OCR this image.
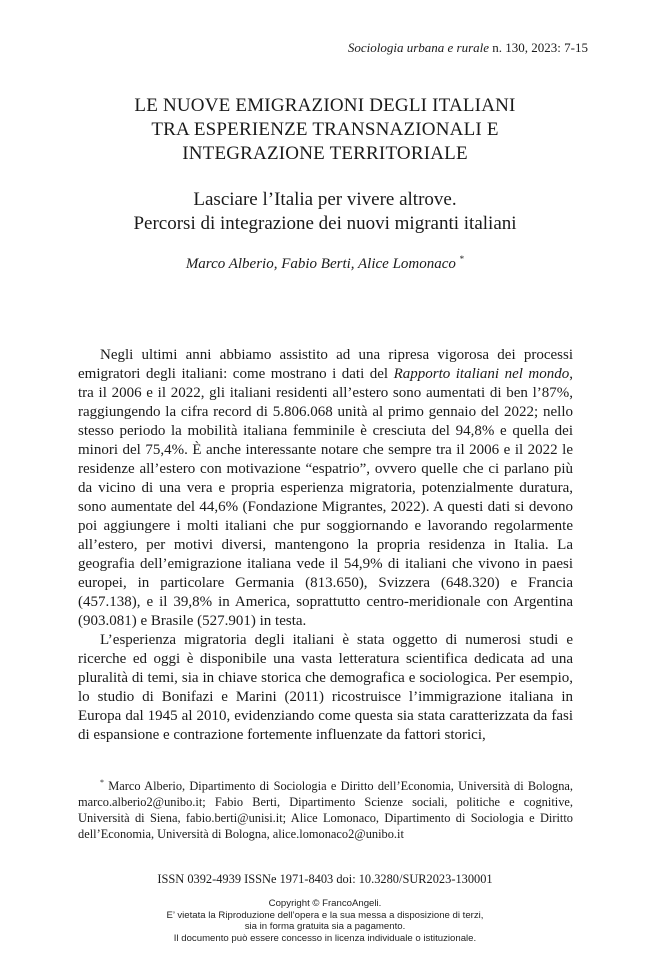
Sociologia urbana e rurale n. 130, 2023: 7-15
LE NUOVE EMIGRAZIONI DEGLI ITALIANI
TRA ESPERIENZE TRANSNAZIONALI E
INTEGRAZIONE TERRITORIALE
Lasciare l’Italia per vivere altrove.
Percorsi di integrazione dei nuovi migranti italiani
Marco Alberio, Fabio Berti, Alice Lomonaco *

Negli ultimi anni abbiamo assistito ad una ripresa vigorosa dei processi emigratori degli italiani: come mostrano i dati del Rapporto italiani nel mondo, tra il 2006 e il 2022, gli italiani residenti all’estero sono aumentati di ben l’87%, raggiungendo la cifra record di 5.806.068 unità al primo gennaio del 2022; nello stesso periodo la mobilità italiana femminile è cresciuta del 94,8% e quella dei minori del 75,4%. È anche interessante notare che sempre tra il 2006 e il 2022 le residenze all’estero con motivazione “espatrio”, ovvero quelle che ci parlano più da vicino di una vera e propria esperienza migratoria, potenzialmente duratura, sono aumentate del 44,6% (Fondazione Migrantes, 2022). A questi dati si devono poi aggiungere i molti italiani che pur soggiornando e lavorando regolarmente all’estero, per motivi diversi, mantengono la propria residenza in Italia. La geografia dell’emigrazione italiana vede il 54,9% di italiani che vivono in paesi europei, in particolare Germania (813.650), Svizzera (648.320) e Francia (457.138), e il 39,8% in America, soprattutto centro-meridionale con Argentina (903.081) e Brasile (527.901) in testa.

L’esperienza migratoria degli italiani è stata oggetto di numerosi studi e ricerche ed oggi è disponibile una vasta letteratura scientifica dedicata ad una pluralità di temi, sia in chiave storica che demografica e sociologica. Per esempio, lo studio di Bonifazi e Marini (2011) ricostruisce l’immigrazione italiana in Europa dal 1945 al 2010, evidenziando come questa sia stata caratterizzata da fasi di espansione e contrazione fortemente influenzate da fattori storici,

* Marco Alberio, Dipartimento di Sociologia e Diritto dell’Economia, Università di Bologna, marco.alberio2@unibo.it; Fabio Berti, Dipartimento Scienze sociali, politiche e cognitive, Università di Siena, fabio.berti@unisi.it; Alice Lomonaco, Dipartimento di Sociologia e Diritto dell’Economia, Università di Bologna, alice.lomonaco2@unibo.it
ISSN 0392-4939 ISSNe 1971-8403 doi: 10.3280/SUR2023-130001
Copyright © FrancoAngeli.
E’ vietata la Riproduzione dell’opera e la sua messa a disposizione di terzi,
sia in forma gratuita sia a pagamento.
Il documento può essere concesso in licenza individuale o istituzionale.
